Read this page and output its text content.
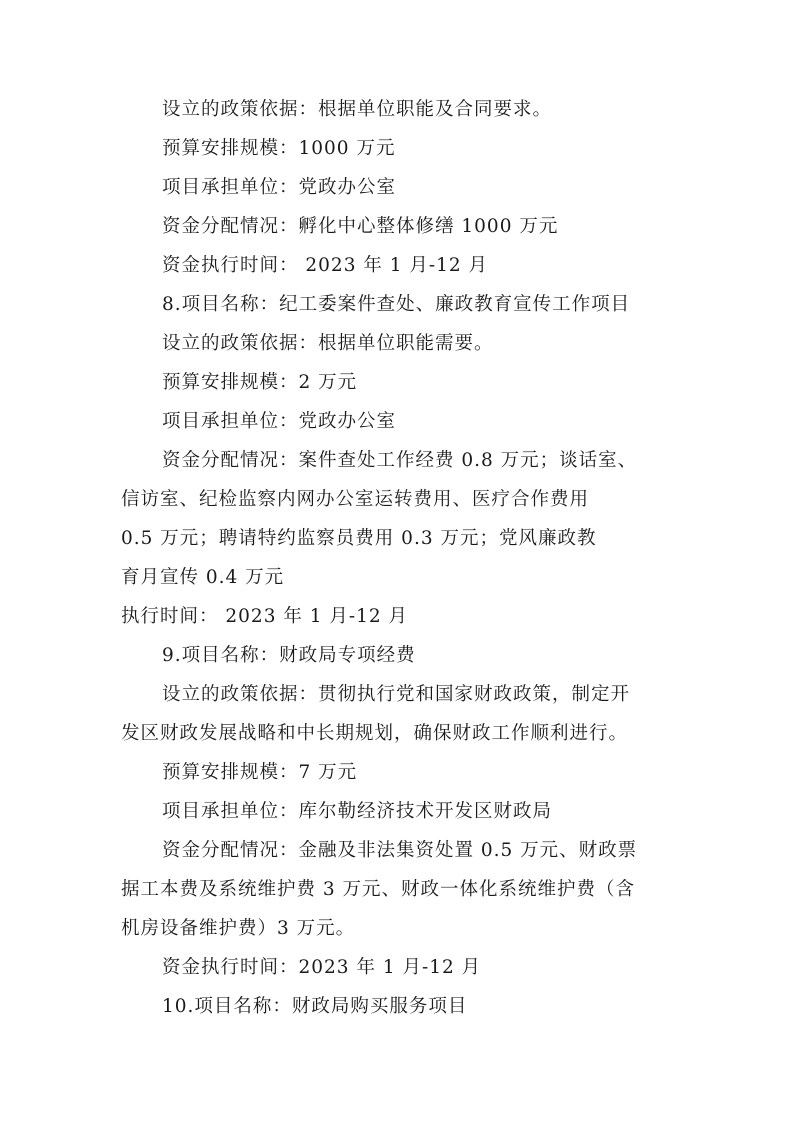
设立的政策依据：根据单位职能及合同要求。
预算安排规模：1000 万元
项目承担单位：党政办公室
资金分配情况：孵化中心整体修缮 1000 万元
资金执行时间： 2023 年 1 月-12 月
8.项目名称：纪工委案件查处、廉政教育宣传工作项目
设立的政策依据：根据单位职能需要。
预算安排规模：2 万元
项目承担单位：党政办公室
资金分配情况：案件查处工作经费 0.8 万元；谈话室、
信访室、纪检监察内网办公室运转费用、医疗合作费用
0.5 万元；聘请特约监察员费用 0.3 万元；党风廉政教
育月宣传 0.4 万元
执行时间： 2023 年 1 月-12 月
9.项目名称：财政局专项经费
设立的政策依据：贯彻执行党和国家财政政策，制定开
发区财政发展战略和中长期规划，确保财政工作顺利进行。
预算安排规模：7 万元
项目承担单位：库尔勒经济技术开发区财政局
资金分配情况：金融及非法集资处置 0.5 万元、财政票
据工本费及系统维护费 3 万元、财政一体化系统维护费（含
机房设备维护费）3 万元。
资金执行时间：2023 年 1 月-12 月
10.项目名称：财政局购买服务项目
